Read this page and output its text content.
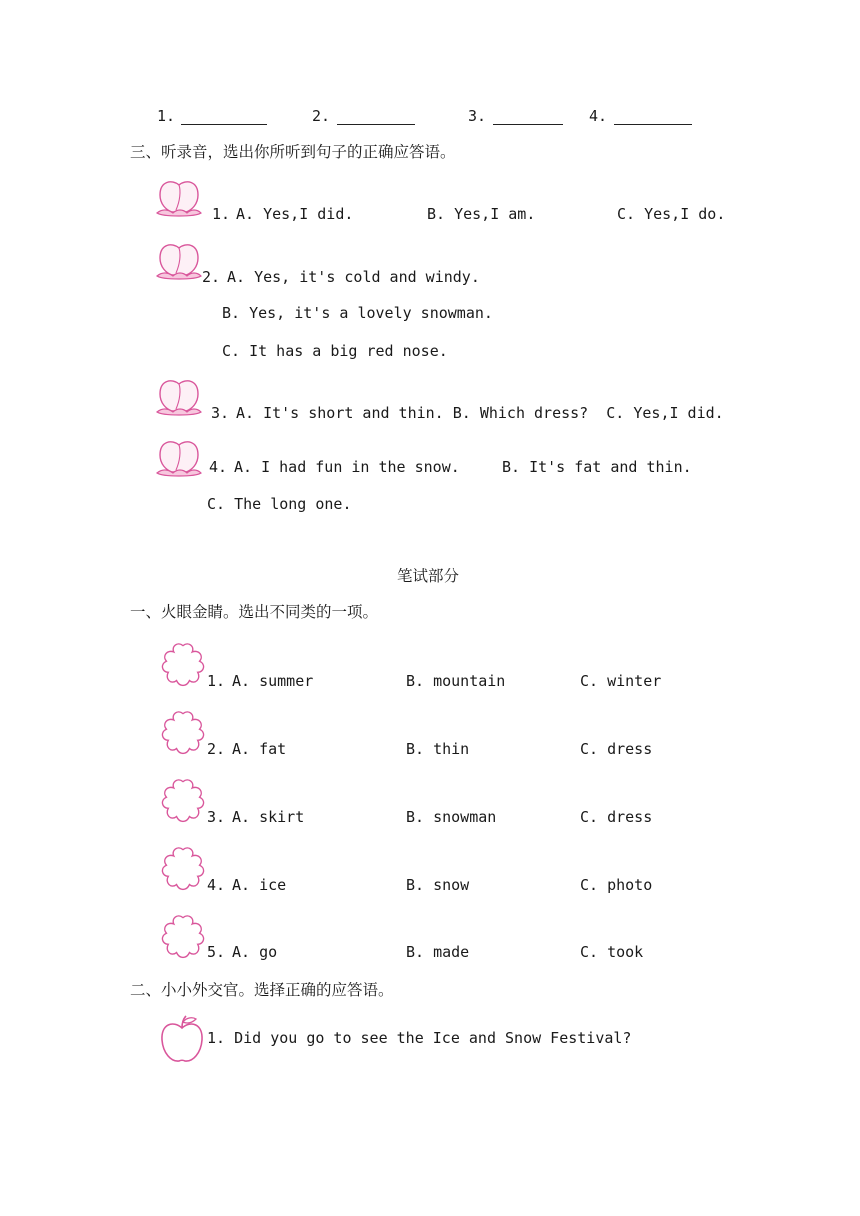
1.	2.	3.	4.
三、听录音，选出你所听到句子的正确应答语。
1. A. Yes,I did.	B. Yes,I am.	C. Yes,I do.
2. A. Yes, it's cold and windy.
B. Yes, it's a lovely snowman.
C. It has a big red nose.
3. A. It's short and thin. B. Which dress?  C. Yes,I did.
4. A. I had fun in the snow.	B. It's fat and thin.
C. The long one.
笔试部分
一、火眼金睛。选出不同类的一项。
1. A. summer	B. mountain	C. winter
2. A. fat	B. thin	C. dress
3. A. skirt	B. snowman	C. dress
4. A. ice	B. snow	C. photo
5. A. go	B. made	C. took
二、小小外交官。选择正确的应答语。
1. Did you go to see the Ice and Snow Festival?
